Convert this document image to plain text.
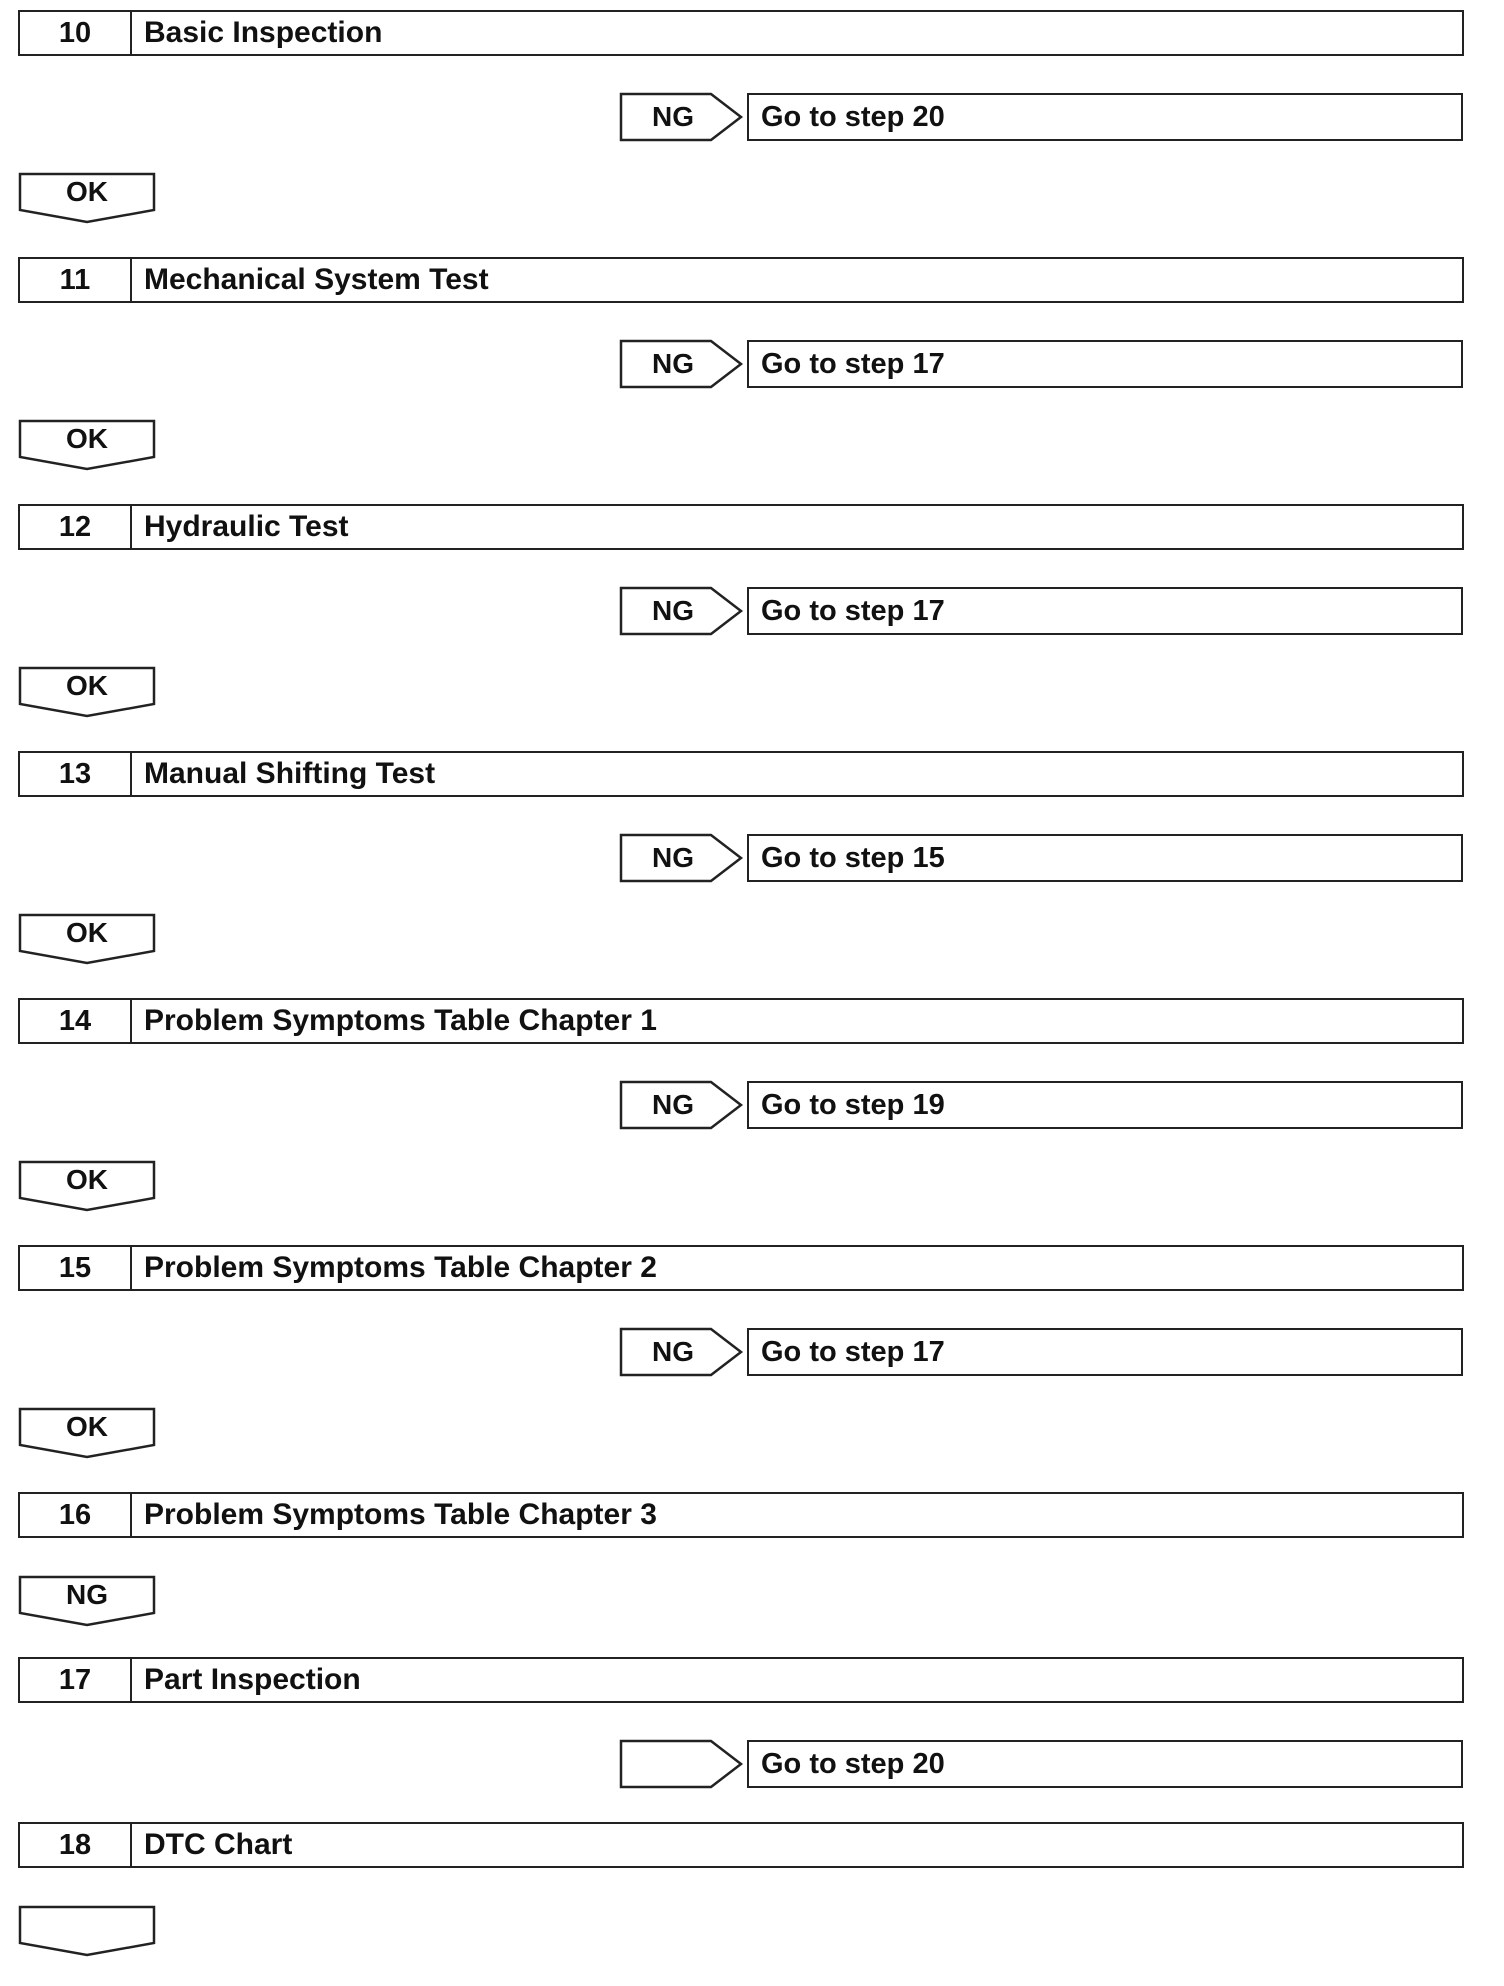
10	Basic Inspection
NG	Go to step 20
OK
11	Mechanical System Test
NG	Go to step 17
OK
12	Hydraulic Test
NG	Go to step 17
OK
13	Manual Shifting Test
NG	Go to step 15
OK
14	Problem Symptoms Table Chapter 1
NG	Go to step 19
OK
15	Problem Symptoms Table Chapter 2
NG	Go to step 17
OK
16	Problem Symptoms Table Chapter 3
NG
17	Part Inspection
Go to step 20
18	DTC Chart
